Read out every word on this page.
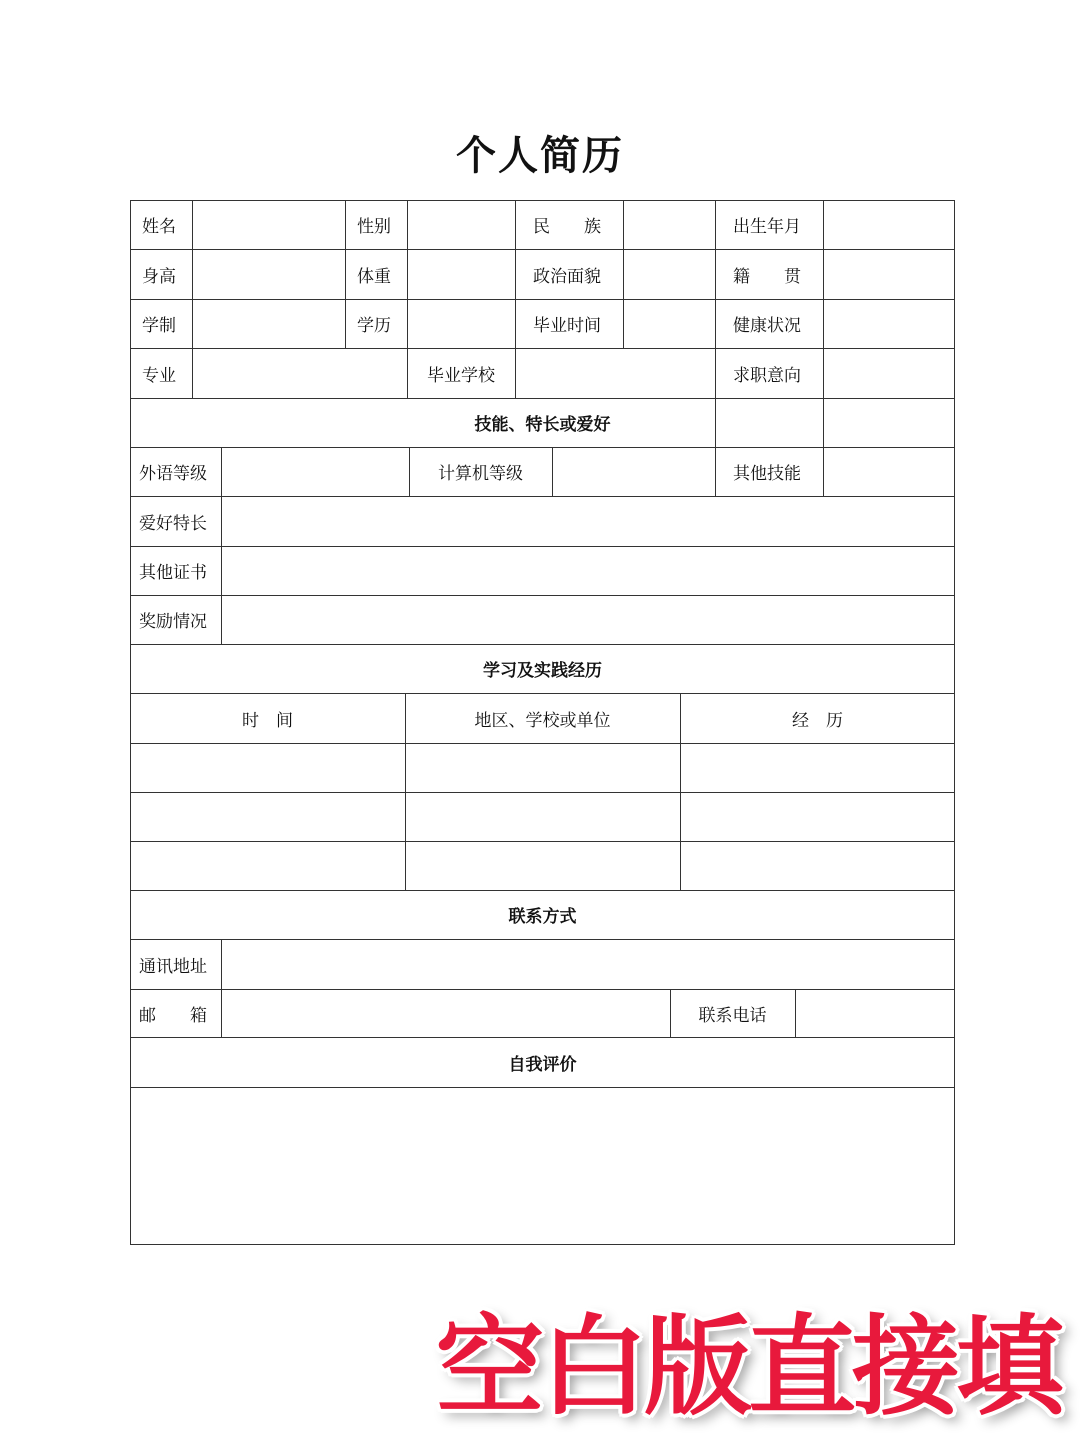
个人简历
姓名	性别	民　　族	出生年月
身高	体重	政治面貌	籍　　贯
学制	学历	毕业时间	健康状况
专业	毕业学校	求职意向
技能、特长或爱好
外语等级	计算机等级	其他技能
爱好特长
其他证书
奖励情况
学习及实践经历
时　间	地区、学校或单位	经　历
联系方式
通讯地址
邮　　箱	联系电话
自我评价
空白版直接填
